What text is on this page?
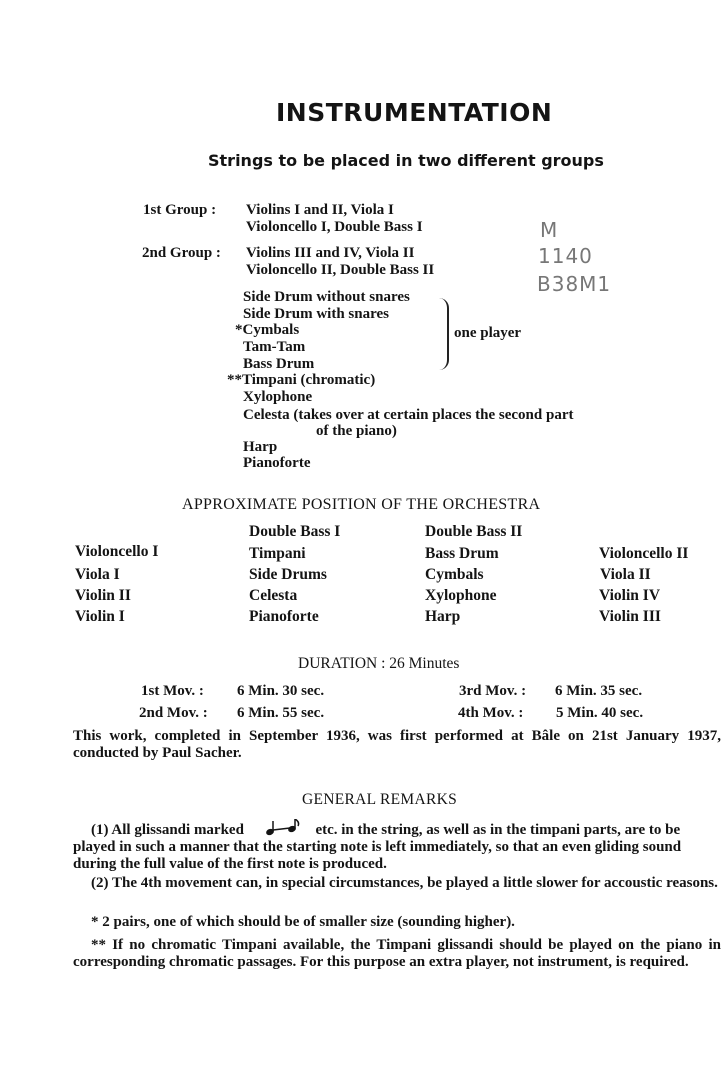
INSTRUMENTATION
Strings to be placed in two different groups
1st Group : Violins I and II, Viola I
Violoncello I, Double Bass I
2nd Group : Violins III and IV, Viola II
Violoncello II, Double Bass II
M
1140
B38M1
Side Drum without snares
Side Drum with snares
*Cymbals
Tam-Tam
Bass Drum
**Timpani (chromatic)
Xylophone
Celesta (takes over at certain places the second part
of the piano)
Harp
Pianoforte
one player
APPROXIMATE POSITION OF THE ORCHESTRA
Violoncello I
Viola I
Violin II
Violin I
Double Bass I
Timpani
Side Drums
Celesta
Pianoforte
Double Bass II
Bass Drum
Cymbals
Xylophone
Harp
Violoncello II
Viola II
Violin IV
Violin III
DURATION : 26 Minutes
1st Mov. : 6 Min. 30 sec.
2nd Mov. : 6 Min. 55 sec.
3rd Mov. : 6 Min. 35 sec.
4th Mov. : 5 Min. 40 sec.
This work, completed in September 1936, was first performed at Bâle on 21st January 1937, conducted by Paul Sacher.
GENERAL REMARKS
(1) All glissandi marked	etc. in the string, as well as in the timpani parts, are to be played in such a manner that the starting note is left immediately, so that an even gliding sound during the full value of the first note is produced.
(2) The 4th movement can, in special circumstances, be played a little slower for accoustic reasons.
* 2 pairs, one of which should be of smaller size (sounding higher).
** If no chromatic Timpani available, the Timpani glissandi should be played on the piano in corresponding chromatic passages. For this purpose an extra player, not instrument, is required.
